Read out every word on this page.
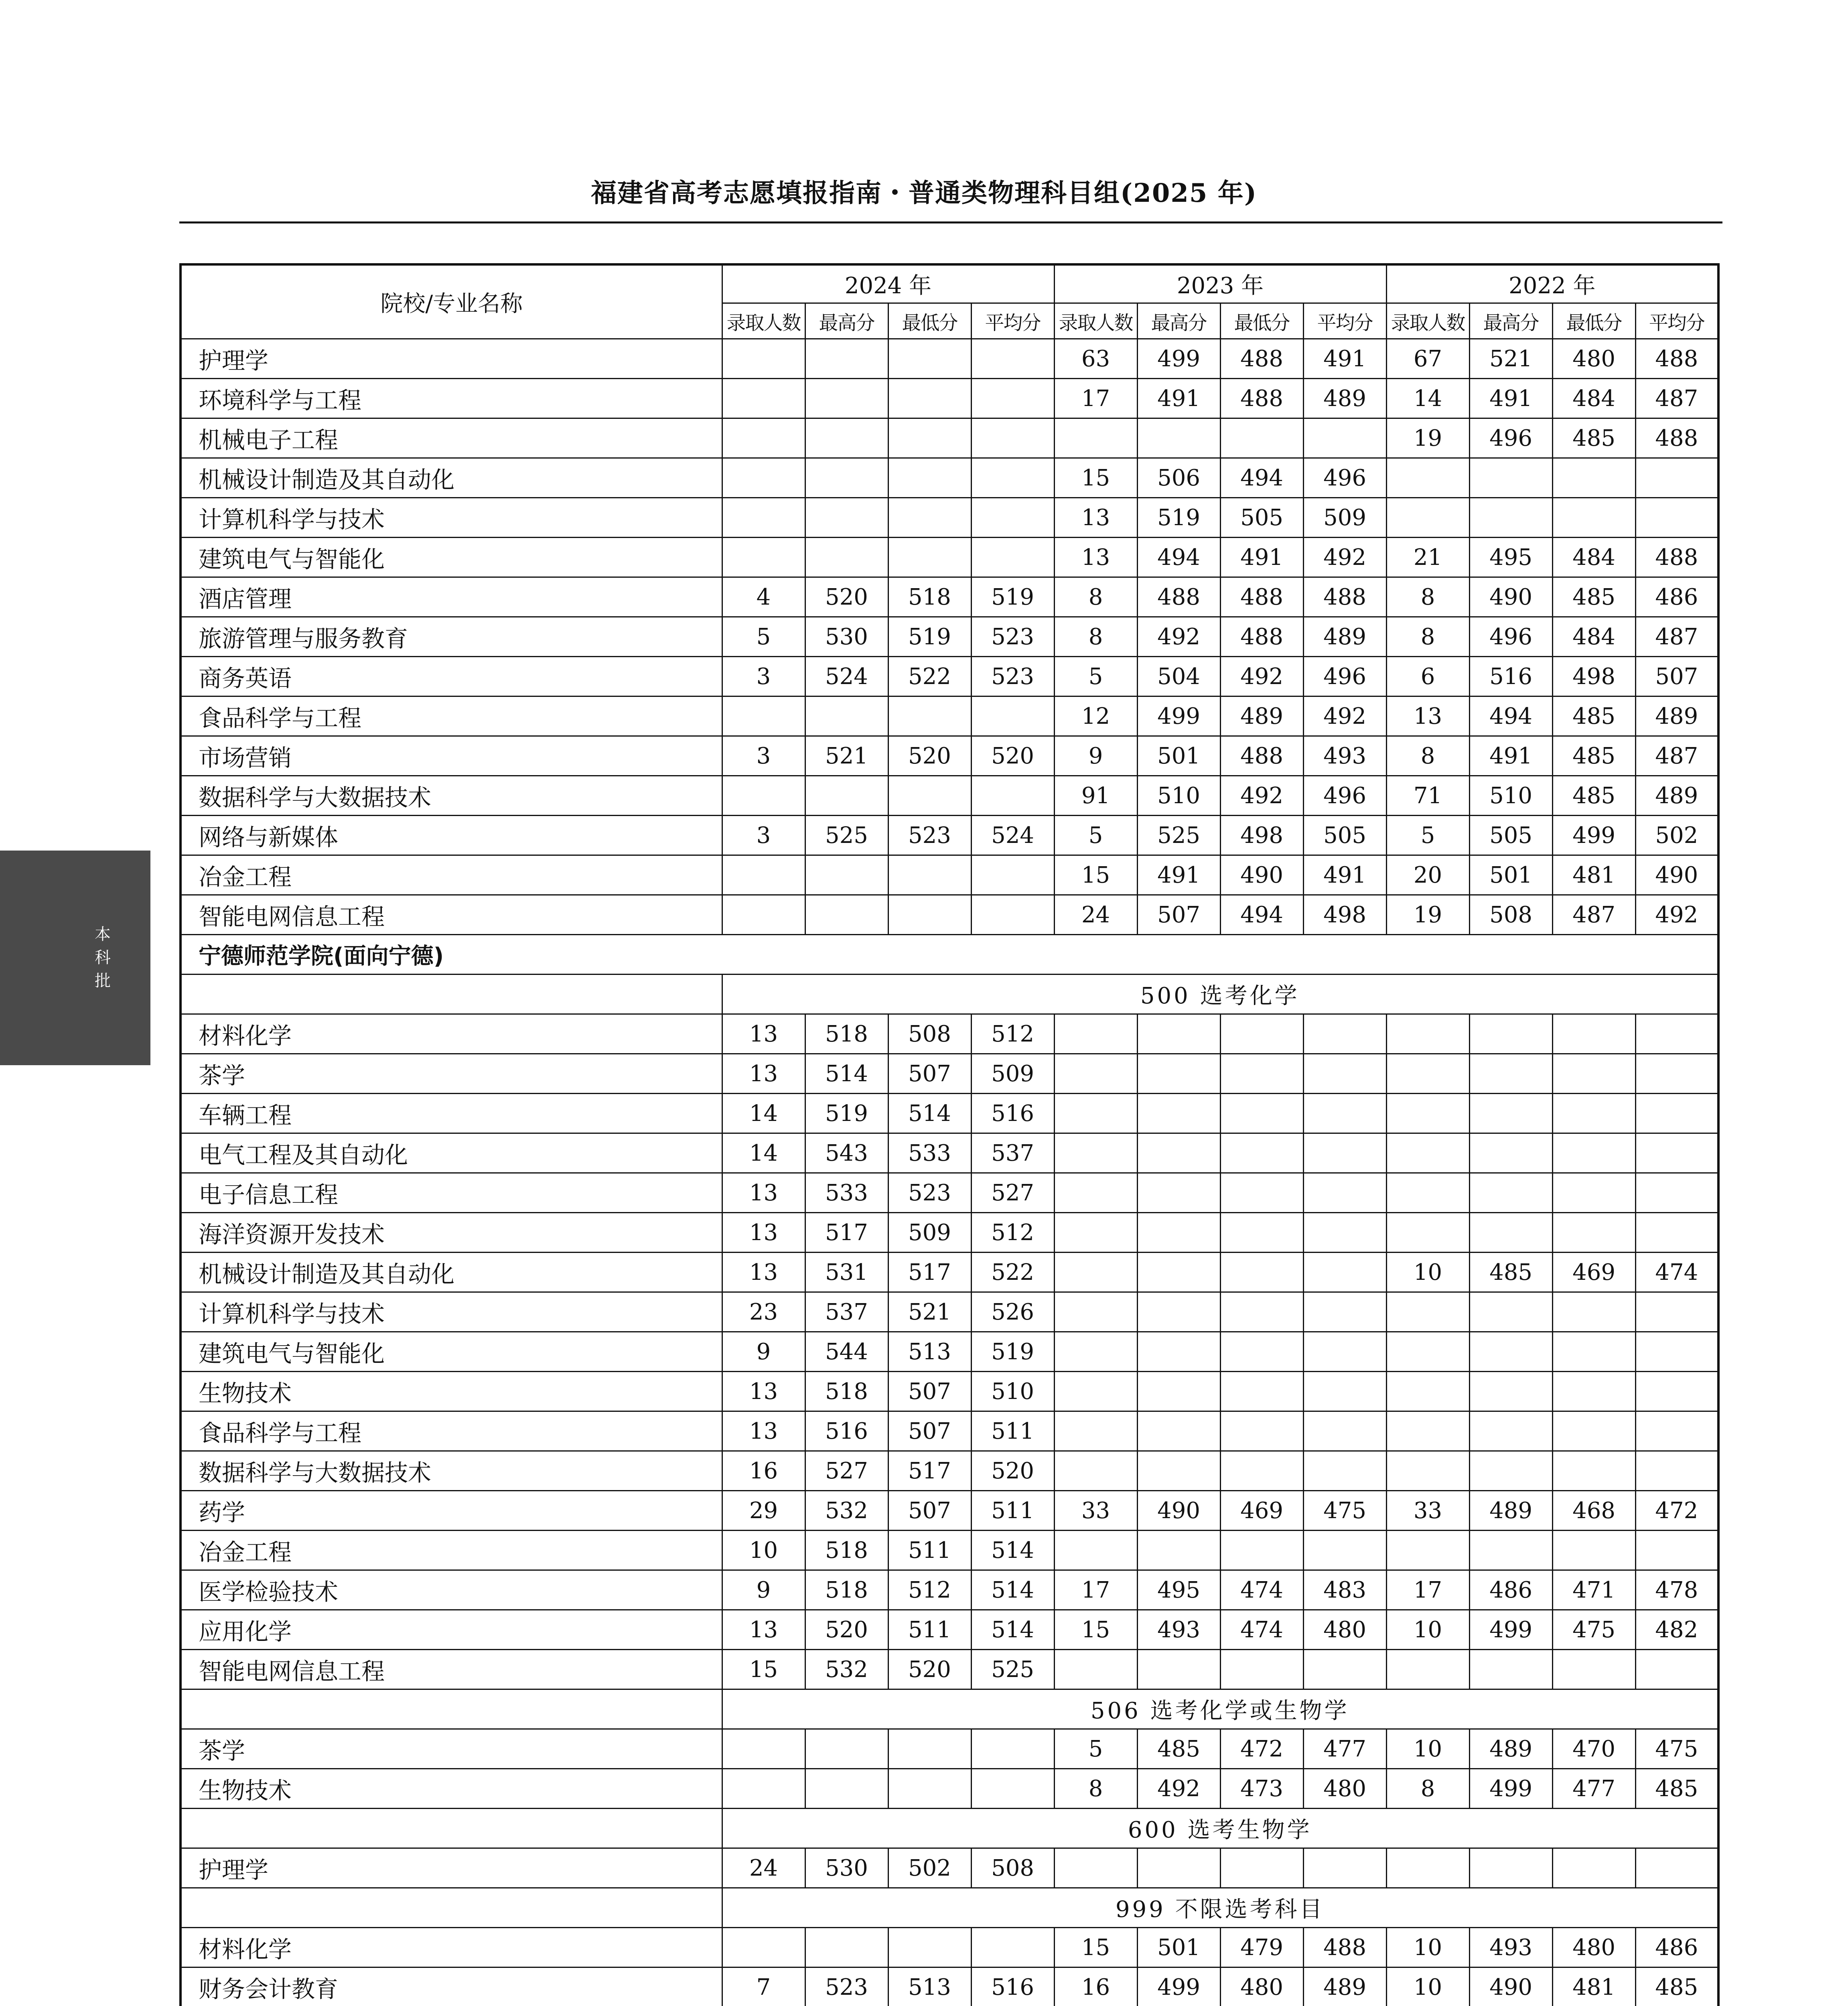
福建省高考志愿填报指南・普通类物理科目组(2025 年)
本科批
院校/专业名称	2024 年				2023 年				2022 年			
	录取人数	最高分	最低分	平均分	录取人数	最高分	最低分	平均分	录取人数	最高分	最低分	平均分
护理学					63	499	488	491	67	521	480	488
环境科学与工程					17	491	488	489	14	491	484	487
机械电子工程									19	496	485	488
机械设计制造及其自动化					15	506	494	496				
计算机科学与技术					13	519	505	509				
建筑电气与智能化					13	494	491	492	21	495	484	488
酒店管理	4	520	518	519	8	488	488	488	8	490	485	486
旅游管理与服务教育	5	530	519	523	8	492	488	489	8	496	484	487
商务英语	3	524	522	523	5	504	492	496	6	516	498	507
食品科学与工程					12	499	489	492	13	494	485	489
市场营销	3	521	520	520	9	501	488	493	8	491	485	487
数据科学与大数据技术					91	510	492	496	71	510	485	489
网络与新媒体	3	525	523	524	5	525	498	505	5	505	499	502
冶金工程					15	491	490	491	20	501	481	490
智能电网信息工程					24	507	494	498	19	508	487	492
宁德师范学院(面向宁德)												
	500 选考化学											
材料化学	13	518	508	512								
茶学	13	514	507	509								
车辆工程	14	519	514	516								
电气工程及其自动化	14	543	533	537								
电子信息工程	13	533	523	527								
海洋资源开发技术	13	517	509	512								
机械设计制造及其自动化	13	531	517	522					10	485	469	474
计算机科学与技术	23	537	521	526								
建筑电气与智能化	9	544	513	519								
生物技术	13	518	507	510								
食品科学与工程	13	516	507	511								
数据科学与大数据技术	16	527	517	520								
药学	29	532	507	511	33	490	469	475	33	489	468	472
冶金工程	10	518	511	514								
医学检验技术	9	518	512	514	17	495	474	483	17	486	471	478
应用化学	13	520	511	514	15	493	474	480	10	499	475	482
智能电网信息工程	15	532	520	525								
	506 选考化学或生物学											
茶学					5	485	472	477	10	489	470	475
生物技术					8	492	473	480	8	499	477	485
	600 选考生物学											
护理学	24	530	502	508								
	999 不限选考科目											
材料化学					15	501	479	488	10	493	480	486
财务会计教育	7	523	513	516	16	499	480	489	10	490	481	485
